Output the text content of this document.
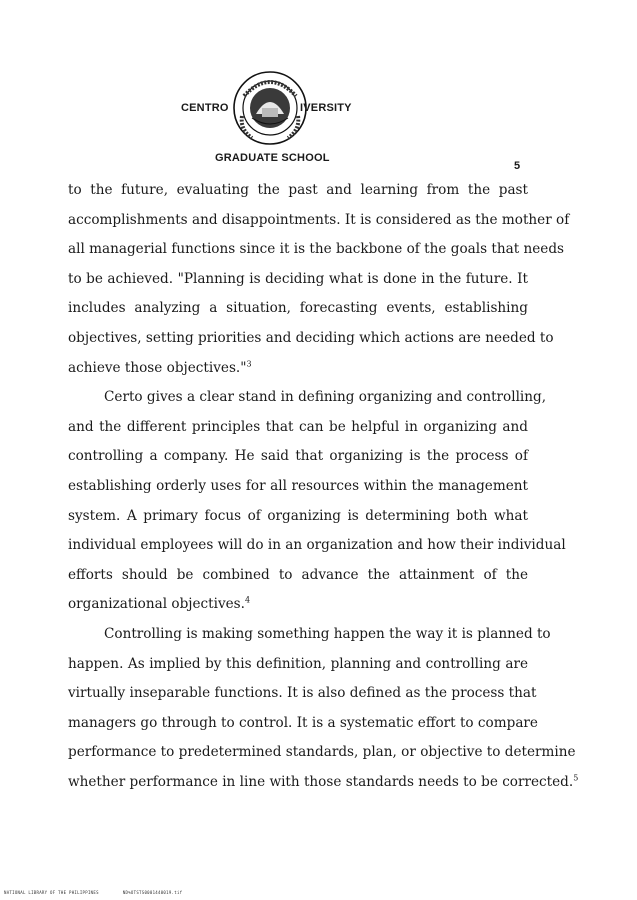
CENTRO	IVERSITY
GRADUATE SCHOOL
5
to the future, evaluating the past and learning from the past
accomplishments and disappointments. It is considered as the mother of
all managerial functions since it is the backbone of the goals that needs
to be achieved. "Planning is deciding what is done in the future. It
includes analyzing a situation, forecasting events, establishing
objectives, setting priorities and deciding which actions are needed to
achieve those objectives."$^3$
Certo gives a clear stand in defining organizing and controlling,
and the different principles that can be helpful in organizing and
controlling a company. He said that organizing is the process of
establishing orderly uses for all resources within the management
system. A primary focus of organizing is determining both what
individual employees will do in an organization and how their individual
efforts should be combined to advance the attainment of the
organizational objectives.$^4$
Controlling is making something happen the way it is planned to
happen. As implied by this definition, planning and controlling are
virtually inseparable functions. It is also defined as the process that
managers go through to control. It is a systematic effort to compare
performance to predetermined standards, plan, or objective to determine
whether performance in line with those standards needs to be corrected.$^5$
NATIONAL LIBRARY OF THE PHILIPPINES	ND%OTSTS0001440019.tif
